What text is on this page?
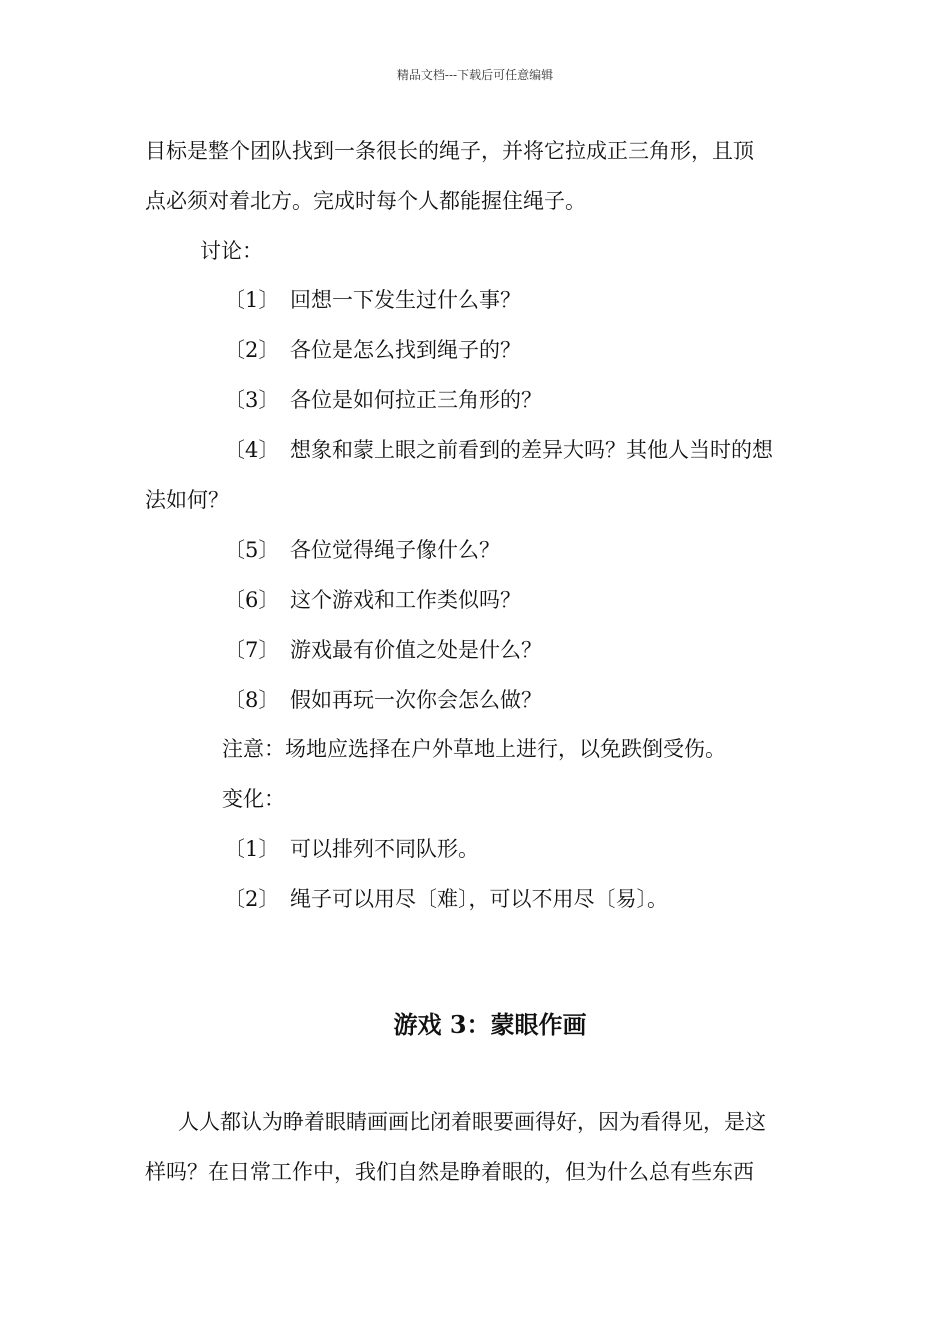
精品文档---下载后可任意编辑
目标是整个团队找到一条很长的绳子，并将它拉成正三角形，且顶
点必须对着北方。完成时每个人都能握住绳子。
讨论：
〔1〕 回想一下发生过什么事？
〔2〕 各位是怎么找到绳子的？
〔3〕 各位是如何拉正三角形的？
〔4〕 想象和蒙上眼之前看到的差异大吗？其他人当时的想
法如何？
〔5〕 各位觉得绳子像什么？
〔6〕 这个游戏和工作类似吗？
〔7〕 游戏最有价值之处是什么？
〔8〕 假如再玩一次你会怎么做？
注意：场地应选择在户外草地上进行，以免跌倒受伤。
变化：
〔1〕 可以排列不同队形。
〔2〕 绳子可以用尽〔难〕，可以不用尽〔易〕。
游戏 3：蒙眼作画
人人都认为睁着眼睛画画比闭着眼要画得好，因为看得见，是这
样吗？在日常工作中，我们自然是睁着眼的，但为什么总有些东西
